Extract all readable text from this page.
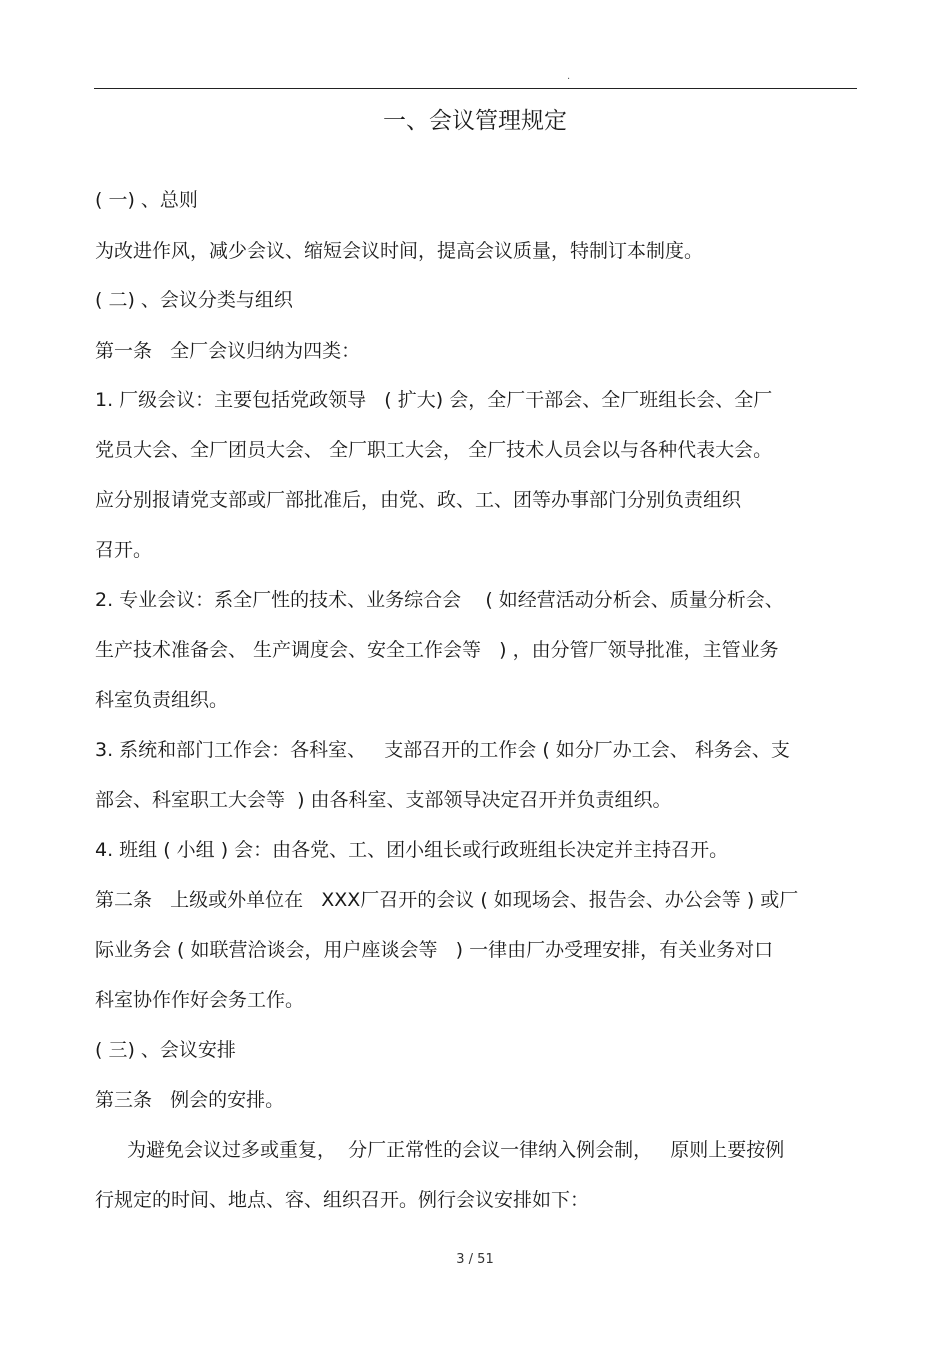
.
一、会议管理规定
( 一) 、总则
为改进作风，减少会议、缩短会议时间，提高会议质量，特制订本制度。
( 二) 、会议分类与组织
第一条   全厂会议归纳为四类：
1. 厂级会议：主要包括党政领导   ( 扩大) 会，全厂干部会、全厂班组长会、全厂
党员大会、全厂团员大会、 全厂职工大会， 全厂技术人员会以与各种代表大会。
应分别报请党支部或厂部批准后，由党、政、工、团等办事部门分别负责组织
召开。
2. 专业会议：系全厂性的技术、业务综合会    ( 如经营活动分析会、质量分析会、
生产技术准备会、 生产调度会、安全工作会等   ) ，由分管厂领导批准，主管业务
科室负责组织。
3. 系统和部门工作会：各科室、   支部召开的工作会 ( 如分厂办工会、 科务会、支
部会、科室职工大会等  ) 由各科室、支部领导决定召开并负责组织。
4. 班组 ( 小组 ) 会：由各党、工、团小组长或行政班组长决定并主持召开。
第二条   上级或外单位在   XXX厂召开的会议 ( 如现场会、报告会、办公会等 ) 或厂
际业务会 ( 如联营洽谈会，用户座谈会等   ) 一律由厂办受理安排，有关业务对口
科室协作作好会务工作。
( 三) 、会议安排
第三条   例会的安排。
为避免会议过多或重复，  分厂正常性的会议一律纳入例会制，   原则上要按例
行规定的时间、地点、容、组织召开。例行会议安排如下：
3 / 51
